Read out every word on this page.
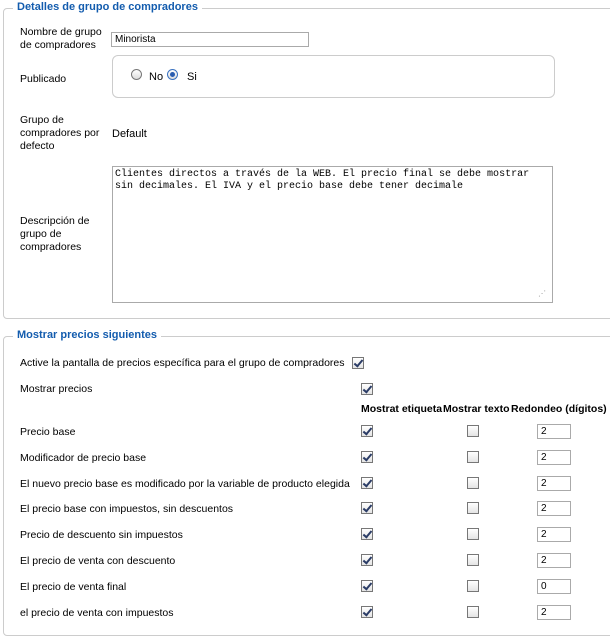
Detalles de grupo de compradores
Nombre de grupo de compradores
Minorista
Publicado	No Si
Grupo de compradores por defecto
Default
Descripción de grupo de compradores
Clientes directos a través de la WEB. El precio final se debe mostrar sin decimales. El IVA y el precio base debe tener decimale
⋰
Mostrar precios siguientes
Active la pantalla de precios específica para el grupo de compradores
Mostrar precios
Mostrat etiqueta Mostrar texto Redondeo (dígitos)
Precio base
2
Modificador de precio base
2
El nuevo precio base es modificado por la variable de producto elegida
2
El precio base con impuestos, sin descuentos
2
Precio de descuento sin impuestos
2
El precio de venta con descuento
2
El precio de venta final
0
el precio de venta con impuestos
2
